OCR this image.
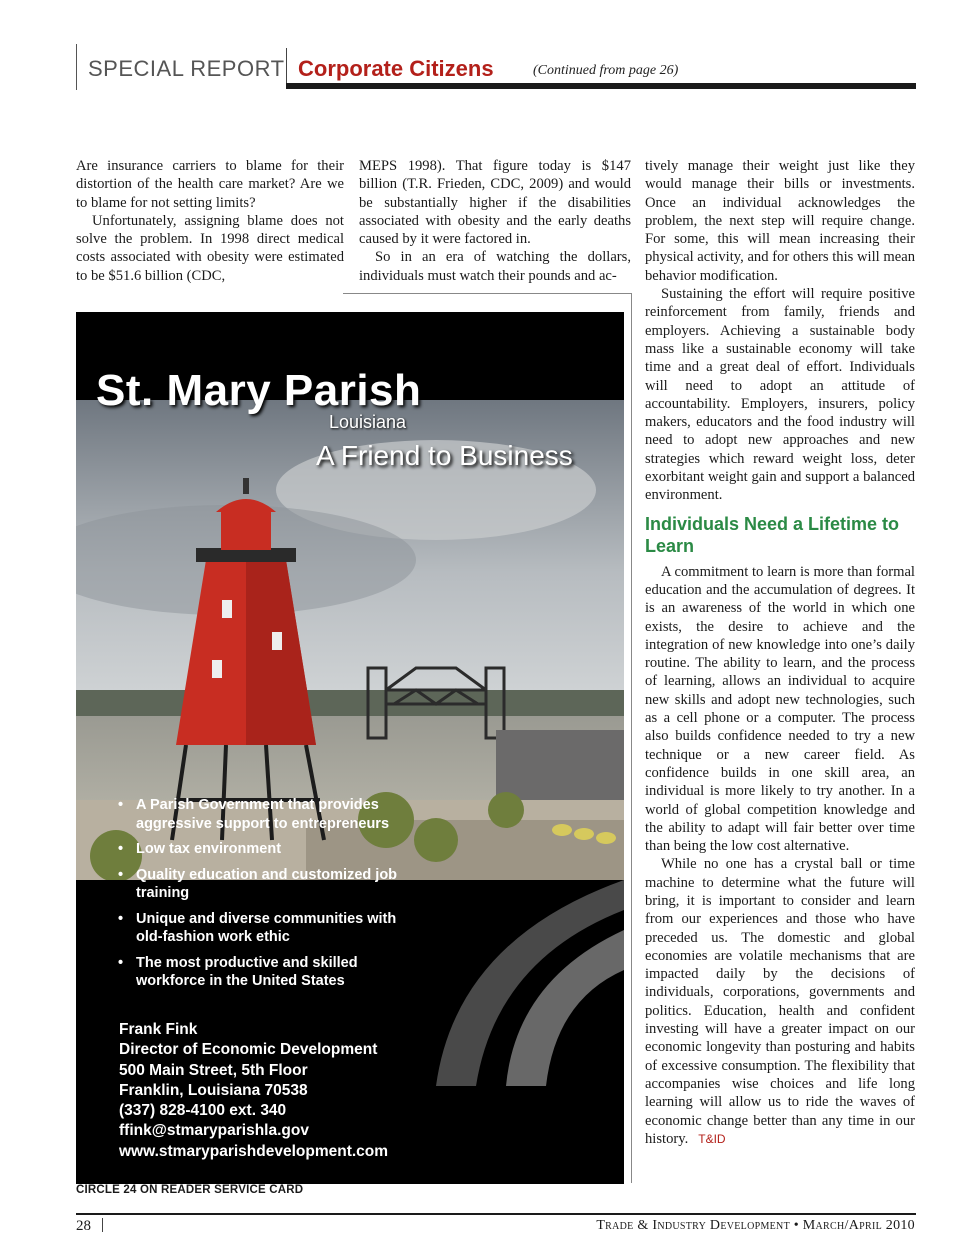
SPECIAL REPORT Corporate Citizens	(Continued from page 26)

Are insurance carriers to blame for their distortion of the health care market? Are we to blame for not setting limits?

Unfortunately, assigning blame does not solve the problem. In 1998 direct medical costs associated with obesity were estimated to be $51.6 billion (CDC,

MEPS 1998). That figure today is $147 billion (T.R. Frieden, CDC, 2009) and would be substantially higher if the disabilities associated with obesity and the early deaths caused by it were factored in.

So in an era of watching the dollars, individuals must watch their pounds and ac-

tively manage their weight just like they would manage their bills or investments. Once an individual acknowledges the problem, the next step will require change. For some, this will mean increasing their physical activity, and for others this will mean behavior modification.

Sustaining the effort will require positive reinforcement from family, friends and employers. Achieving a sustainable body mass like a sustainable economy will take time and a great deal of effort. Individuals will need to adopt an attitude of accountability. Employers, insurers, policy makers, educators and the food industry will need to adopt new approaches and new strategies which reward weight loss, deter exorbitant weight gain and support a balanced environment.

Individuals Need a Lifetime to Learn

A commitment to learn is more than formal education and the accumulation of degrees. It is an awareness of the world in which one exists, the desire to achieve and the integration of new knowledge into one’s daily routine. The ability to learn, and the process of learning, allows an individual to acquire new skills and adopt new technologies, such as a cell phone or a computer. The process also builds confidence needed to try a new technique or a new career field. As confidence builds in one skill area, an individual is more likely to try another. In a world of global competition knowledge and the ability to adapt will fair better over time than being the low cost alternative.

While no one has a crystal ball or time machine to determine what the future will bring, it is important to consider and learn from our experiences and those who have preceded us. The domestic and global economies are volatile mechanisms that are impacted daily by the decisions of individuals, corporations, governments and politics. Education, health and confident investing will have a greater impact on our economic longevity than posturing and habits of excessive consumption. The flexibility that accompanies wise choices and life long learning will allow us to ride the waves of economic change better than any time in our history. T&ID

St. Mary Parish
Louisiana
A Friend to Business
• A Parish Government that provides aggressive support to entrepreneurs
• Low tax environment
• Quality education and customized job training
• Unique and diverse communities with old-fashion work ethic
• The most productive and skilled workforce in the United States
Frank Fink
Director of Economic Development
500 Main Street, 5th Floor
Franklin, Louisiana 70538
(337) 828-4100 ext. 340
ffink@stmaryparishla.gov
www.stmaryparishdevelopment.com
CIRCLE 24 ON READER SERVICE CARD
28	Trade & Industry Development • March/April 2010
